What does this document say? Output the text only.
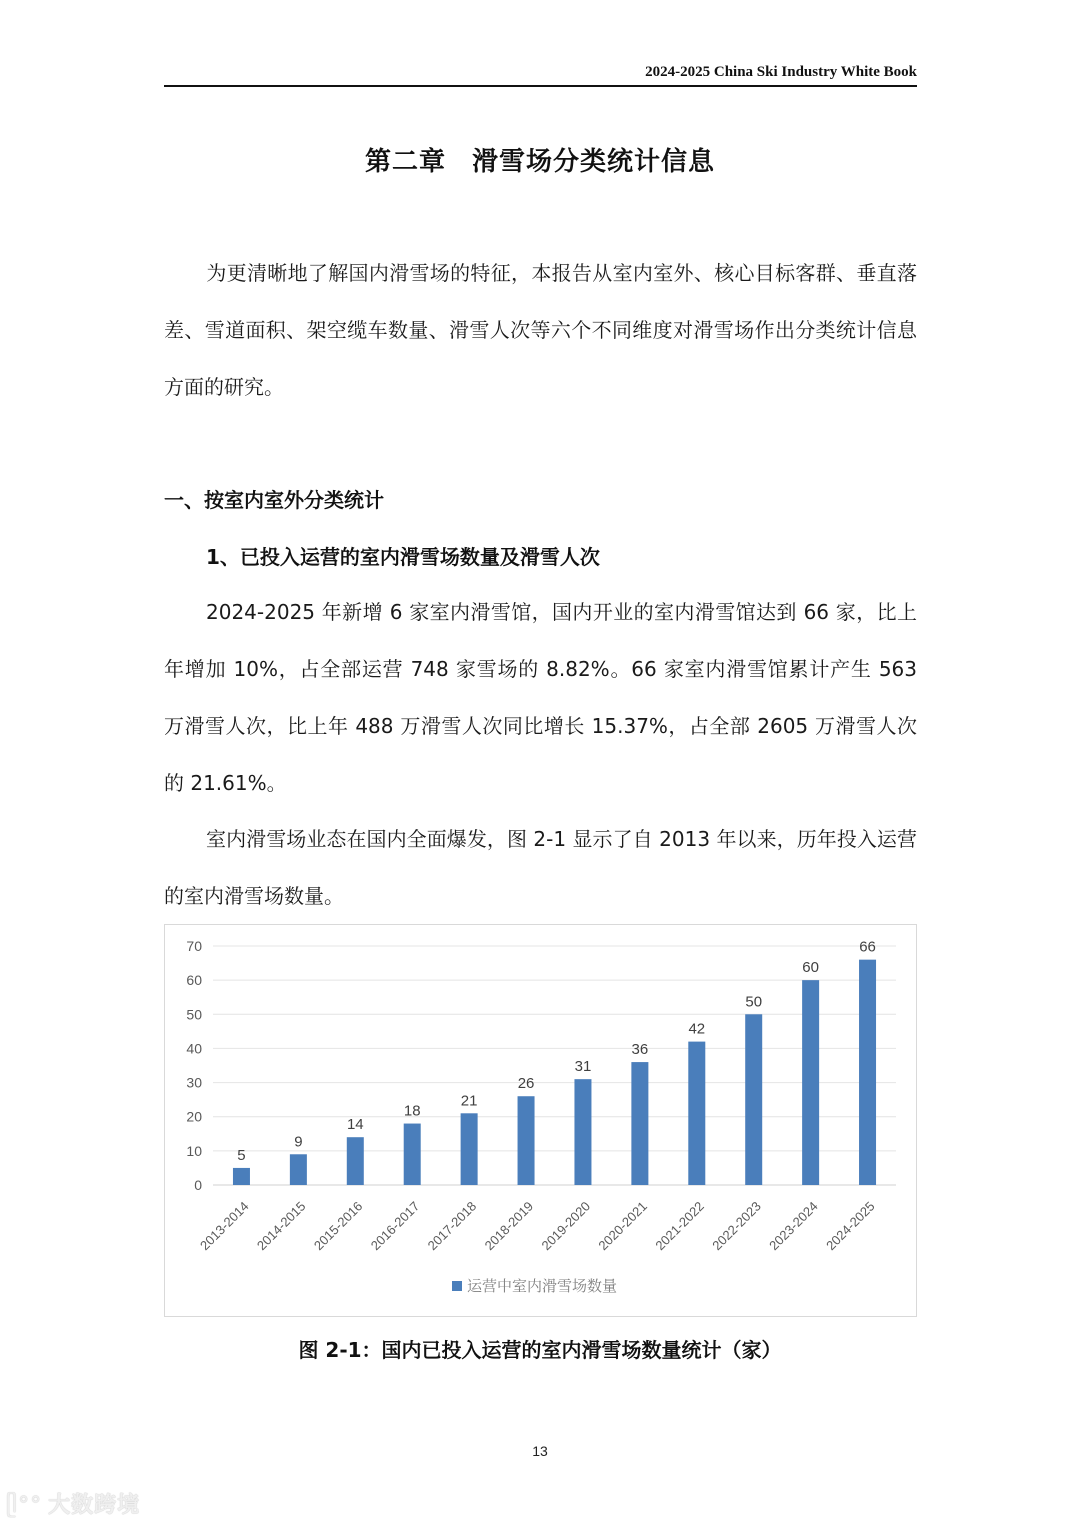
2024-2025 China Ski Industry White Book
第二章 滑雪场分类统计信息
为更清晰地了解国内滑雪场的特征，本报告从室内室外、核心目标客群、垂直落差、雪道面积、架空缆车数量、滑雪人次等六个不同维度对滑雪场作出分类统计信息方面的研究。
一、按室内室外分类统计
1、已投入运营的室内滑雪场数量及滑雪人次
2024-2025 年新增 6 家室内滑雪馆，国内开业的室内滑雪馆达到 66 家，比上年增加 10%，占全部运营 748 家雪场的 8.82%。66 家室内滑雪馆累计产生 563 万滑雪人次，比上年 488 万滑雪人次同比增长 15.37%，占全部 2605 万滑雪人次的 21.61%。
室内滑雪场业态在国内全面爆发，图 2-1 显示了自 2013 年以来，历年投入运营的室内滑雪场数量。
0
10
20
30
40
50
60
70
5
2013-2014
9
2014-2015
14
2015-2016
18
2016-2017
21
2017-2018
26
2018-2019
31
2019-2020
36
2020-2021
42
2021-2022
50
2022-2023
60
2023-2024
66
2024-2025
运营中室内滑雪场数量
图 2-1：国内已投入运营的室内滑雪场数量统计（家）
13
ᥫ°° 大数跨境
